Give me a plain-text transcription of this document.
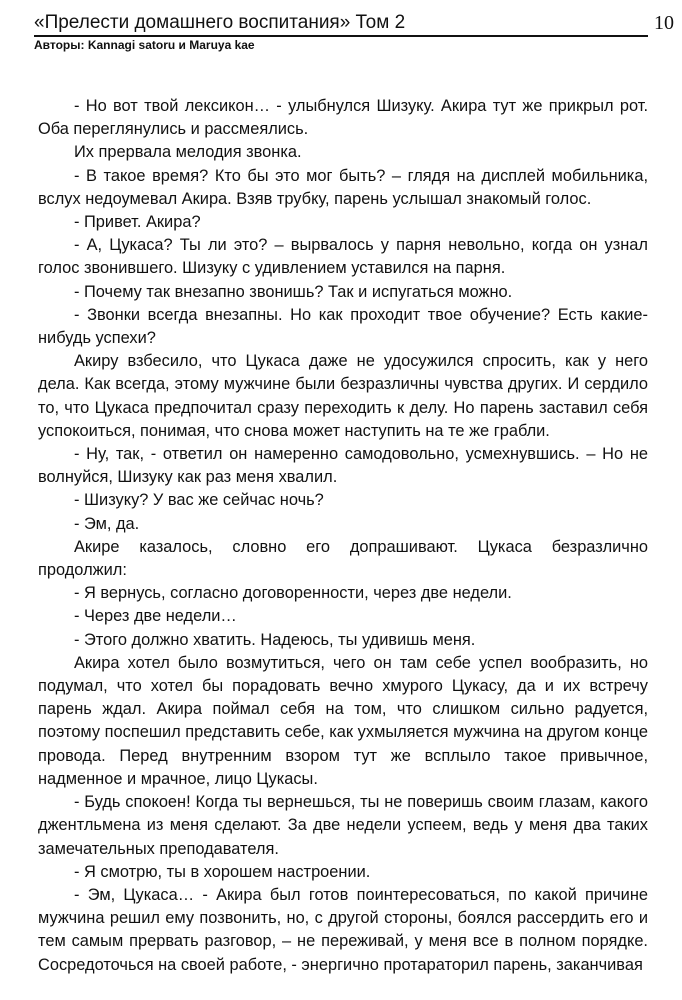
«Прелести домашнего воспитания» Том 2
Авторы: Kannagi satoru и Maruya kae
10

- Но вот твой лексикон… - улыбнулся Шизуку. Акира тут же прикрыл рот. Оба переглянулись и рассмеялись.

Их прервала мелодия звонка.

- В такое время? Кто бы это мог быть? – глядя на дисплей мобильника, вслух недоумевал Акира. Взяв трубку, парень услышал знакомый голос.

- Привет. Акира?

- А, Цукаса? Ты ли это? – вырвалось у парня невольно, когда он узнал голос звонившего. Шизуку с удивлением уставился на парня.

- Почему так внезапно звонишь? Так и испугаться можно.

- Звонки всегда внезапны. Но как проходит твое обучение? Есть какие-нибудь успехи?

Акиру взбесило, что Цукаса даже не удосужился спросить, как у него дела. Как всегда, этому мужчине были безразличны чувства других. И сердило то, что Цукаса предпочитал сразу переходить к делу. Но парень заставил себя успокоиться, понимая, что снова может наступить на те же грабли.

- Ну, так, - ответил он намеренно самодовольно, усмехнувшись. – Но не волнуйся, Шизуку как раз меня хвалил.

- Шизуку? У вас же сейчас ночь?

- Эм, да.

Акире казалось, словно его допрашивают. Цукаса безразлично продолжил:

- Я вернусь, согласно договоренности, через две недели.

- Через две недели…

- Этого должно хватить. Надеюсь, ты удивишь меня.

Акира хотел было возмутиться, чего он там себе успел вообразить, но подумал, что хотел бы порадовать вечно хмурого Цукасу, да и их встречу парень ждал. Акира поймал себя на том, что слишком сильно радуется, поэтому поспешил представить себе, как ухмыляется мужчина на другом конце провода. Перед внутренним взором тут же всплыло такое привычное, надменное и мрачное, лицо Цукасы.

- Будь спокоен! Когда ты вернешься, ты не поверишь своим глазам, какого джентльмена из меня сделают. За две недели успеем, ведь у меня два таких замечательных преподавателя.

- Я смотрю, ты в хорошем настроении.

- Эм, Цукаса… - Акира был готов поинтересоваться, по какой причине мужчина решил ему позвонить, но, с другой стороны, боялся рассердить его и тем самым прервать разговор, – не переживай, у меня все в полном порядке. Сосредоточься на своей работе, - энергично протараторил парень, заканчивая
